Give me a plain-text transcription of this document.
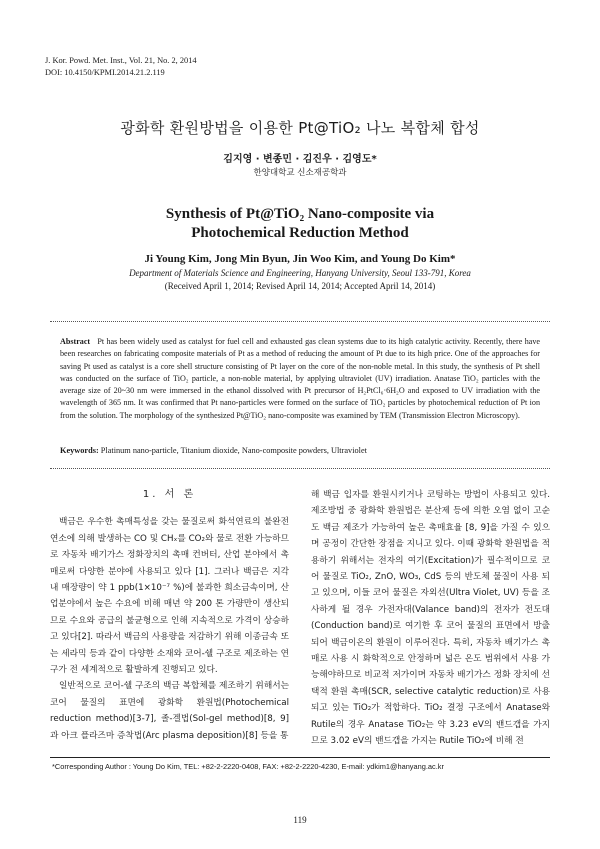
J. Kor. Powd. Met. Inst., Vol. 21, No. 2, 2014
DOI: 10.4150/KPMI.2014.21.2.119
광화학 환원방법을 이용한 Pt@TiO₂ 나노 복합체 합성
김지영 · 변종민 · 김진우 · 김영도*
한양대학교 신소재공학과
Synthesis of Pt@TiO₂ Nano-composite via
Photochemical Reduction Method
Ji Young Kim, Jong Min Byun, Jin Woo Kim, and Young Do Kim*
Department of Materials Science and Engineering, Hanyang University, Seoul 133-791, Korea
(Received April 1, 2014; Revised April 14, 2014; Accepted April 14, 2014)
Abstract Pt has been widely used as catalyst for fuel cell and exhausted gas clean systems due to its high catalytic activity. Recently, there have been researches on fabricating composite materials of Pt as a method of reducing the amount of Pt due to its high price. One of the approaches for saving Pt used as catalyst is a core shell structure consisting of Pt layer on the core of the non-noble metal. In this study, the synthesis of Pt shell was conducted on the surface of TiO₂ particle, a non-noble material, by applying ultraviolet (UV) irradiation. Anatase TiO₂ particles with the average size of 20~30 nm were immersed in the ethanol dissolved with Pt precursor of H₂PtCl₆·6H₂O and exposed to UV irradiation with the wavelength of 365 nm. It was confirmed that Pt nano-particles were formed on the surface of TiO₂ particles by photochemical reduction of Pt ion from the solution. The morphology of the synthesized Pt@TiO₂ nano-composite was examined by TEM (Transmission Electron Microscopy).
Keywords: Platinum nano-particle, Titanium dioxide, Nano-composite powders, Ultraviolet
1. 서 론

백금은 우수한 촉매특성을 갖는 물질로써 화석연료의 불완전 연소에 의해 발생하는 CO 및 CHₓ를 CO₂와 물로 전환 가능하므로 자동차 배기가스 정화장치의 촉매 컨버터, 산업 분야에서 촉매로써 다양한 분야에 사용되고 있다 [1]. 그러나 백금은 지각 내 매장량이 약 1 ppb(1×10⁻⁷ %)에 불과한 희소금속이며, 산업분야에서 높은 수요에 비해 매년 약 200 톤 가량만이 생산되므로 수요와 공급의 불균형으로 인해 지속적으로 가격이 상승하고 있다[2]. 따라서 백금의 사용량을 저감하기 위해 이종금속 또는 세라믹 등과 같이 다양한 소재와 코어-쉘 구조로 제조하는 연구가 전 세계적으로 활발하게 진행되고 있다.

일반적으로 코어-쉘 구조의 백금 복합체를 제조하기 위해서는 코어 물질의 표면에 광화학 환원법(Photochemical reduction method)[3-7], 졸-겔법(Sol-gel method)[8, 9]과 아크 플라즈마 증착법(Arc plasma deposition)[8] 등을 통

해 백금 입자를 환원시키거나 코팅하는 방법이 사용되고 있다. 제조방법 중 광화학 환원법은 분산제 등에 의한 오염 없이 고순도 백금 제조가 가능하여 높은 촉매효율 [8, 9]을 가질 수 있으며 공정이 간단한 장점을 지니고 있다. 이때 광화학 환원법을 적용하기 위해서는 전자의 여기(Excitation)가 필수적이므로 코어 물질로 TiO₂, ZnO, WO₃, CdS 등의 반도체 물질이 사용 되고 있으며, 이들 코어 물질은 자외선(Ultra Violet, UV) 등을 조사하게 될 경우 가전자대(Valance band)의 전자가 전도대(Conduction band)로 여기한 후 코어 물질의 표면에서 방출되어 백금이온의 환원이 이루어진다. 특히, 자동차 배기가스 촉매로 사용 시 화학적으로 안정하며 넓은 온도 범위에서 사용 가능해야하므로 비교적 저가이며 자동차 배기가스 정화 장치에 선택적 환원 촉매(SCR, selective catalytic reduction)로 사용되고 있는 TiO₂가 적합하다. TiO₂ 결정 구조에서 Anatase와 Rutile의 경우 Anatase TiO₂는 약 3.23 eV의 밴드갭을 가지므로 3.02 eV의 밴드갭을 가지는 Rutile TiO₂에 비해 전

*Corresponding Author : Young Do Kim, TEL: +82-2-2220-0408, FAX: +82-2-2220-4230, E-mail: ydkim1@hanyang.ac.kr
119
